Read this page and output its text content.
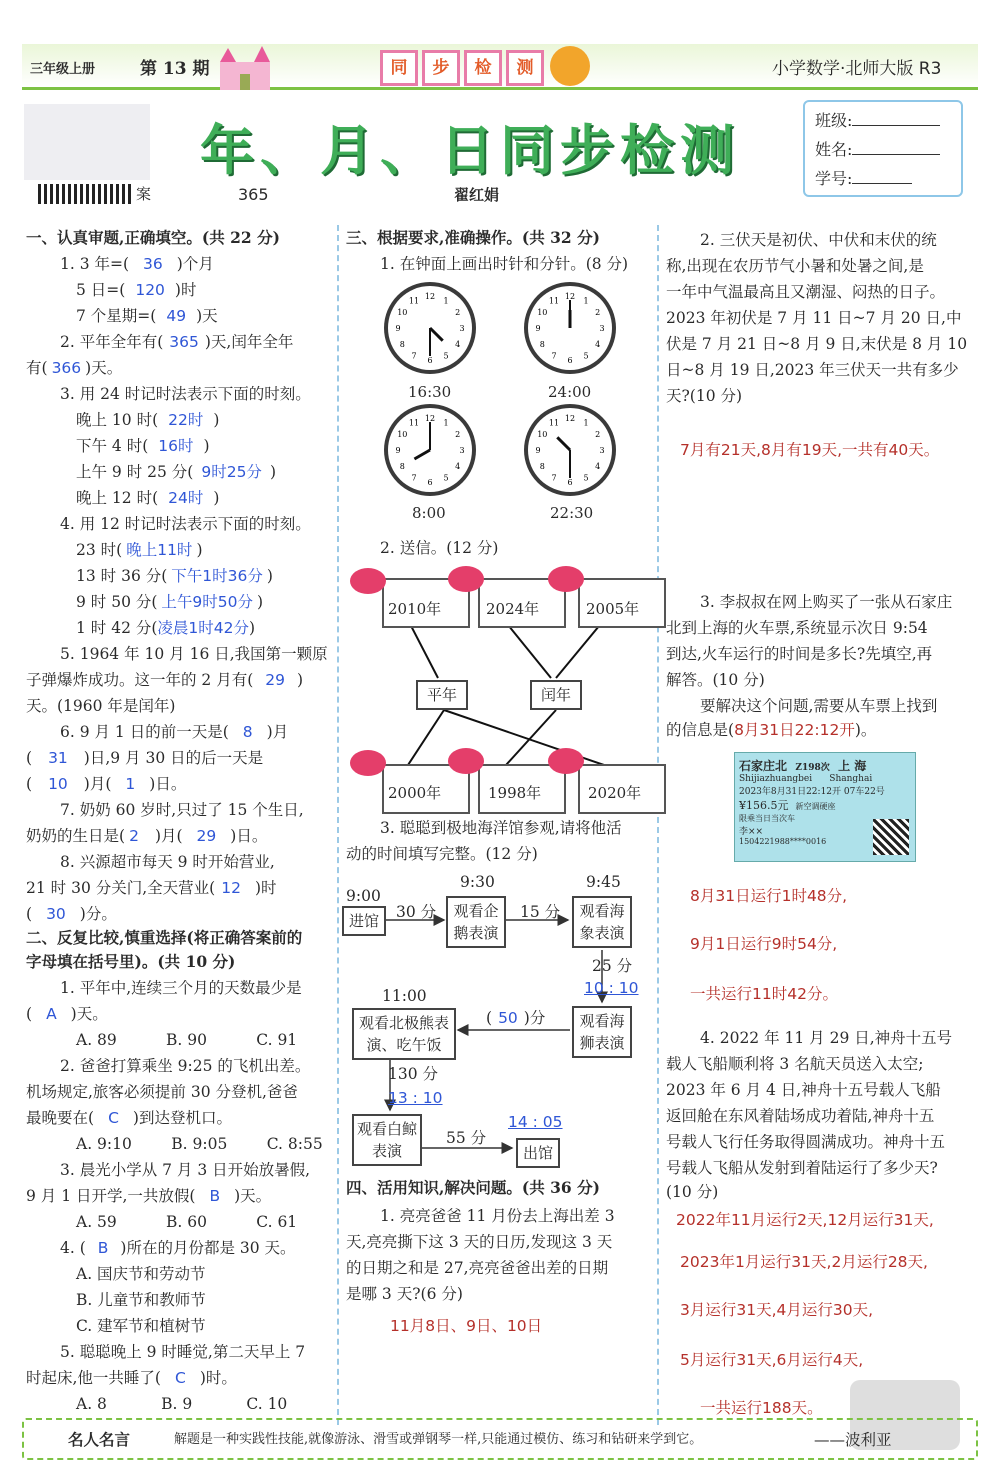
三年级上册	第 13 期	同	步	检	测	小学数学·北师大版 R3
案
年、月、日同步检测	班级:
姓名:
学号:
365	翟红娟
一、认真审题,正确填空。(共 22 分)
1. 3 年=( 36 )个月
5 日=( 120 )时
7 个星期=( 49 )天
2. 平年全年有( 365 )天,闰年全年
有( 366 )天。
3. 用 24 时记时法表示下面的时刻。
晚上 10 时( 22时 )
下午 4 时( 16时 )
上午 9 时 25 分( 9时25分 )
晚上 12 时( 24时 )
4. 用 12 时记时法表示下面的时刻。
23 时( 晚上11时 )
13 时 36 分( 下午1时36分 )
9 时 50 分( 上午9时50分 )
1 时 42 分(凌晨1时42分)
5. 1964 年 10 月 16 日,我国第一颗原
子弹爆炸成功。这一年的 2 月有( 29 )
天。(1960 年是闰年)
6. 9 月 1 日的前一天是( 8 )月
( 31 )日,9 月 30 日的后一天是
( 10 )月( 1 )日。
7. 奶奶 60 岁时,只过了 15 个生日,
奶奶的生日是( 2 )月( 29 )日。
8. 兴源超市每天 9 时开始营业,
21 时 30 分关门,全天营业( 12 )时
( 30 )分。
二、反复比较,慎重选择(将正确答案前的
字母填在括号里)。(共 10 分)
1. 平年中,连续三个月的天数最少是
( A )天。
A. 89          B. 90          C. 91
2. 爸爸打算乘坐 9:25 的飞机出差。
机场规定,旅客必须提前 30 分登机,爸爸
最晚要在( C )到达登机口。
A. 9:10        B. 9:05        C. 8:55
3. 晨光小学从 7 月 3 日开始放暑假,
9 月 1 日开学,一共放假( B )天。
A. 59          B. 60          C. 61
4. ( B )所在的月份都是 30 天。
A. 国庆节和劳动节
B. 儿童节和教师节
C. 建军节和植树节
5. 聪聪晚上 9 时睡觉,第二天早上 7
时起床,他一共睡了( C )时。
A. 8           B. 9           C. 10
三、根据要求,准确操作。(共 32 分)
1. 在钟面上画出时针和分针。(8 分)
1
2
3
4
5
6
7
8
9
10
11 12	1
2
3
4
5
6
7
8
9
10
11 12
1
2
3
4
5
6
7
8
9
10
11 12	1
2
3
4
5
6
7
8
9
10
11 12
16:30	24:00
8:00	22:30
2. 送信。(12 分)
2010年	2024年	2005年
平年	闰年
2000年	1998年	2020年
3. 聪聪到极地海洋馆参观,请将他活
动的时间填写完整。(12 分)
9:00
9:30	9:45
进馆	30 分	观看企鹅表演
15 分	观看海象表演
25 分
10 : 10
11:00
观看北极熊表演、吃午饭
( 50 )分	观看海狮表演
130 分
13 : 10
观看白鲸表演
55 分
14 : 05
出馆
四、活用知识,解决问题。(共 36 分)
1. 亮亮爸爸 11 月份去上海出差 3
天,亮亮撕下这 3 天的日历,发现这 3 天
的日期之和是 27,亮亮爸爸出差的日期
是哪 3 天?(6 分)
11月8日、9日、10日
2. 三伏天是初伏、中伏和末伏的统
称,出现在农历节气小暑和处暑之间,是
一年中气温最高且又潮湿、闷热的日子。
2023 年初伏是 7 月 11 日~7 月 20 日,中
伏是 7 月 21 日~8 月 9 日,末伏是 8 月 10
日~8 月 19 日,2023 年三伏天一共有多少
天?(10 分)
7月有21天,8月有19天,一共有40天。
3. 李叔叔在网上购买了一张从石家庄
北到上海的火车票,系统显示次日 9:54
到达,火车运行的时间是多长?先填空,再
解答。(10 分)
要解决这个问题,需要从车票上找到
的信息是(8月31日22:12开)。
石家庄北 Z198次 上 海
Shijiazhuangbei Shanghai
2023年8月31日22:12开 07车22号
¥156.5元 新空调硬座
限乘当日当次车
李××
1504221988****0016
8月31日运行1时48分,
9月1日运行9时54分,
一共运行11时42分。
4. 2022 年 11 月 29 日,神舟十五号
载人飞船顺利将 3 名航天员送入太空;
2023 年 6 月 4 日,神舟十五号载人飞船
返回舱在东风着陆场成功着陆,神舟十五
号载人飞行任务取得圆满成功。神舟十五
号载人飞船从发射到着陆运行了多少天?
(10 分)
2022年11月运行2天,12月运行31天,
2023年1月运行31天,2月运行28天,
3月运行31天,4月运行30天,
5月运行31天,6月运行4天,
一共运行188天。
名人名言	解题是一种实践性技能,就像游泳、滑雪或弹钢琴一样,只能通过模仿、练习和钻研来学到它。	——波利亚
